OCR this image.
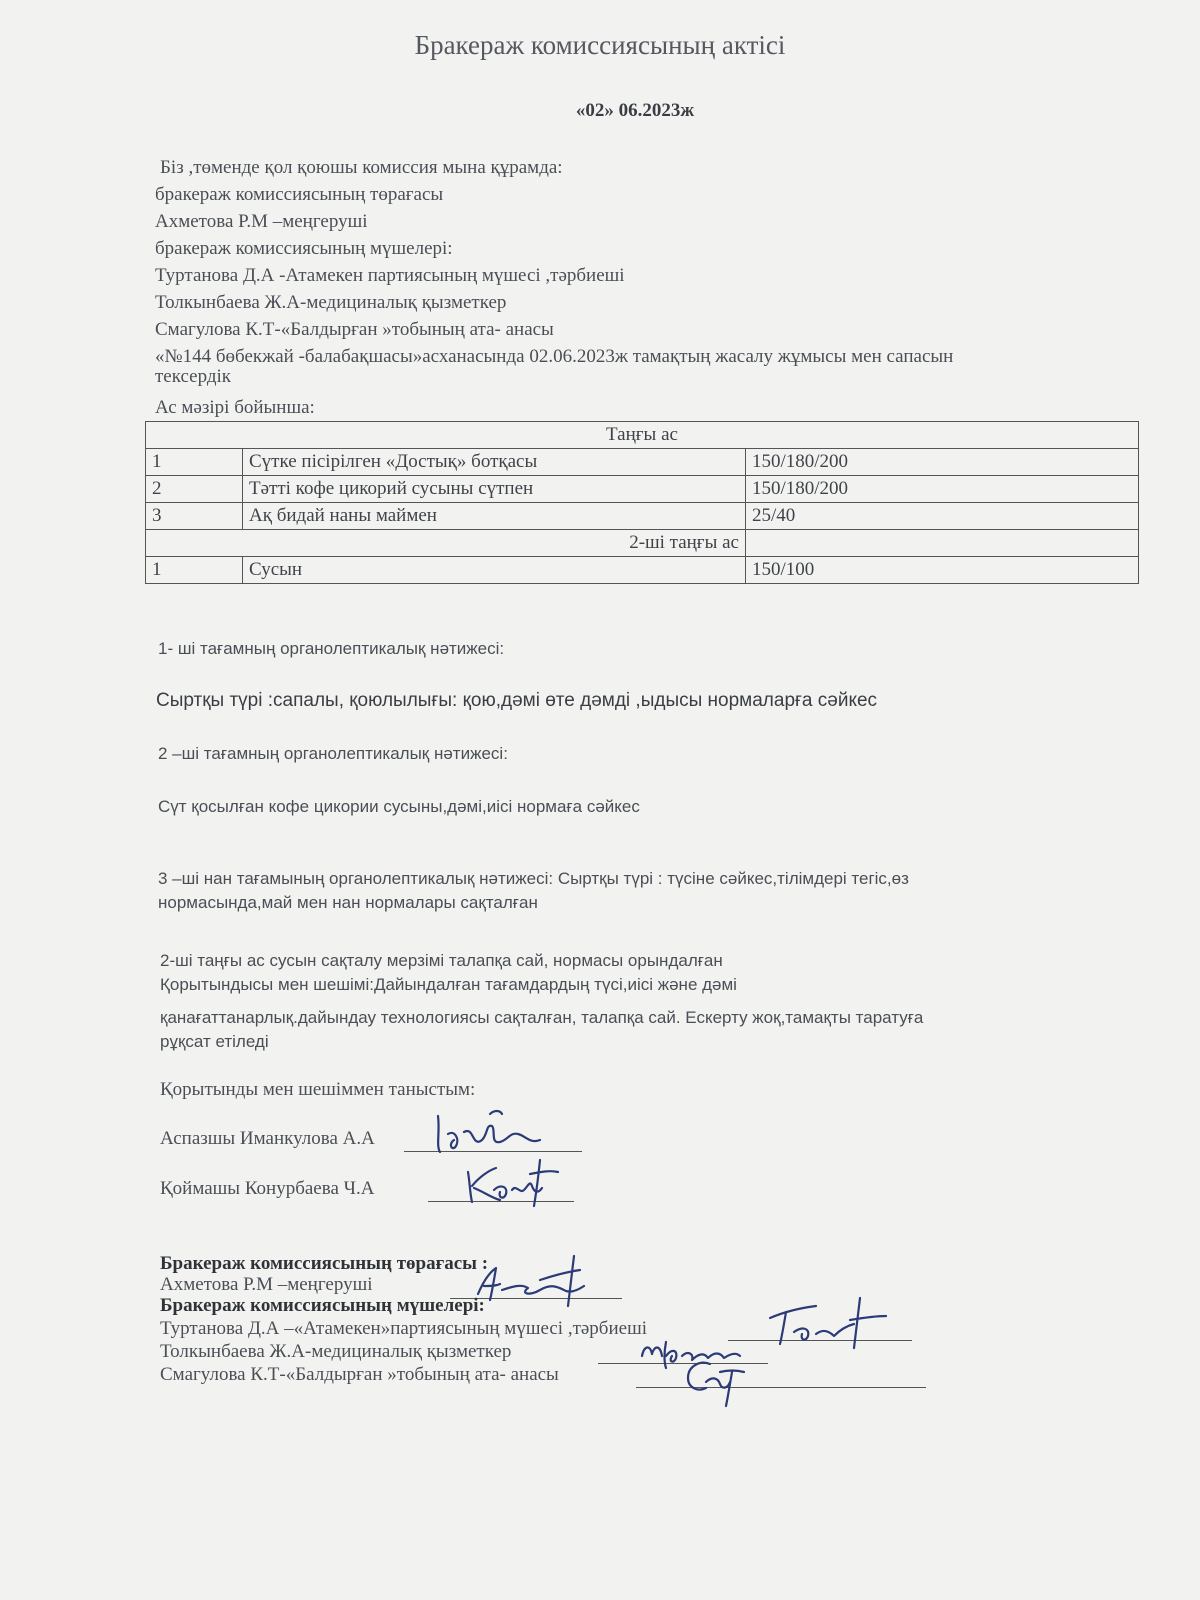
Бракераж комиссиясының актісі
«02» 06.2023ж
Біз ,төменде қол қоюшы комиссия мына құрамда:
бракераж комиссиясының төрағасы
Ахметова Р.М –меңгеруші
бракераж комиссиясының мүшелері:
Туртанова Д.А -Атамекен партиясының мүшесі ,тәрбиеші
Толкынбаева Ж.А-медициналық қызметкер
Смагулова К.Т-«Балдырған »тобының ата- анасы
«№144 бөбекжай -балабақшасы»асханасында 02.06.2023ж тамақтың жасалу жұмысы мен сапасын
тексердік
Ас мәзірі бойынша:
Таңғы ас		
1	Сүтке пісірілген «Достық» ботқасы	150/180/200
2	Тәтті кофе цикорий сусыны сүтпен	150/180/200
3	Ақ бидай наны маймен	25/40
2-ші таңғы ас		
1	Сусын	150/100
1- ші тағамның органолептикалық нәтижесі:
Сыртқы түрі :сапалы, қоюлылығы: қою,дәмі өте дәмді ,ыдысы нормаларға сәйкес
2 –ші тағамның органолептикалық нәтижесі:
Сүт қосылған кофе цикории сусыны,дәмі,иісі нормаға сәйкес
3 –ші нан тағамының органолептикалық нәтижесі: Сыртқы түрі : түсіне сәйкес,тілімдері тегіс,өз
нормасында,май мен нан нормалары сақталған
2-ші таңғы ас сусын сақталу мерзімі талапқа сай, нормасы орындалған
Қорытындысы мен шешімі:Дайындалған тағамдардың түсі,иісі және дәмі
қанағаттанарлық.дайындау технологиясы сақталған, талапқа сай. Ескерту жоқ,тамақты таратуға
рұқсат етіледі
Қорытынды мен шешіммен таныстым:
Аспазшы Иманкулова А.А
Қоймашы Конурбаева Ч.А
Бракераж комиссиясының төрағасы :
Ахметова Р.М –меңгеруші
Бракераж комиссиясының мүшелері:
Туртанова Д.А –«Атамекен»партиясының мүшесі ,тәрбиеші
Толкынбаева Ж.А-медициналық қызметкер
Смагулова К.Т-«Балдырған »тобының ата- анасы
